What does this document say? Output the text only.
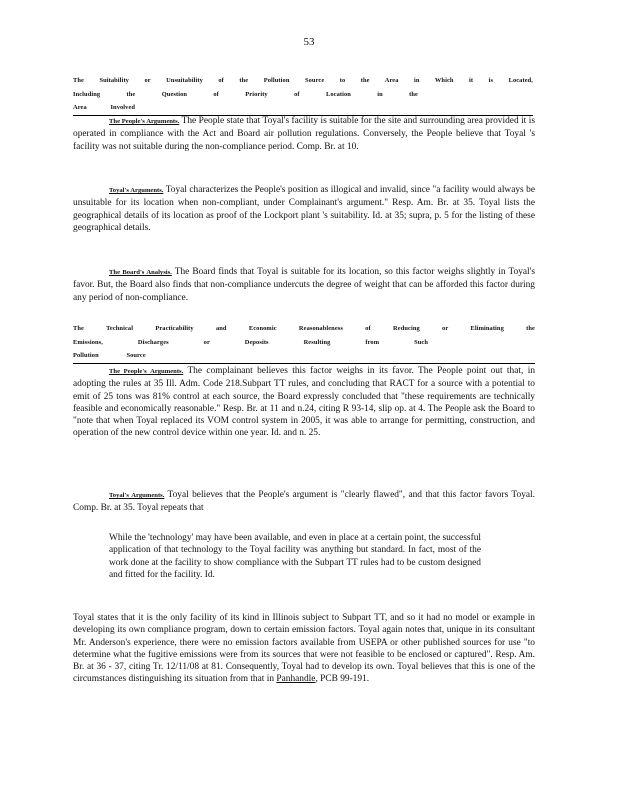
53
The Suitability or Unsuitability of the Pollution Source to the Area in Which it is Located,
Including the Question of Priority of Location in the Area Involved
The People's Arguments. The People state that Toyal's facility is suitable for the site and surrounding area provided it is operated in compliance with the Act and Board air pollution regulations. Conversely, the People believe that Toyal 's facility was not suitable during the non-compliance period. Comp. Br. at 10.
Toyal's Arguments. Toyal characterizes the People's position as illogical and invalid, since "a facility would always be unsuitable for its location when non-compliant, under Complainant's argument." Resp. Am. Br. at 35. Toyal lists the geographical details of its location as proof of the Lockport plant 's suitability. Id. at 35; supra, p. 5 for the listing of these geographical details.
The Board's Analysis. The Board finds that Toyal is suitable for its location, so this factor weighs slightly in Toyal's favor. But, the Board also finds that non-compliance undercuts the degree of weight that can be afforded this factor during any period of non-compliance.
The Technical Practicability and Economic Reasonableness of Reducing or Eliminating the
Emissions, Discharges or Deposits Resulting from Such Pollution Source
The People's Arguments. The complainant believes this factor weighs in its favor. The People point out that, in adopting the rules at 35 Ill. Adm. Code 218.Subpart TT rules, and concluding that RACT for a source with a potential to emit of 25 tons was 81% control at each source, the Board expressly concluded that "these requirements are technically feasible and economically reasonable." Resp. Br. at 11 and n.24, citing R 93-14, slip op. at 4. The People ask the Board to "note that when Toyal replaced its VOM control system in 2005, it was able to arrange for permitting, construction, and operation of the new control device within one year. Id. and n. 25.
Toyal's Arguments. Toyal believes that the People's argument is "clearly flawed", and that this factor favors Toyal. Comp. Br. at 35. Toyal repeats that
While the 'technology' may have been available, and even in place at a certain point, the successful application of that technology to the Toyal facility was anything but standard. In fact, most of the work done at the facility to show compliance with the Subpart TT rules had to be custom designed and fitted for the facility. Id.
Toyal states that it is the only facility of its kind in Illinois subject to Subpart TT, and so it had no model or example in developing its own compliance program, down to certain emission factors. Toyal again notes that, unique in its consultant Mr. Anderson's experience, there were no emission factors available from USEPA or other published sources for use "to determine what the fugitive emissions were from its sources that were not feasible to be enclosed or captured". Resp. Am. Br. at 36 - 37, citing Tr. 12/11/08 at 81. Consequently, Toyal had to develop its own. Toyal believes that this is one of the circumstances distinguishing its situation from that in Panhandle, PCB 99-191.
